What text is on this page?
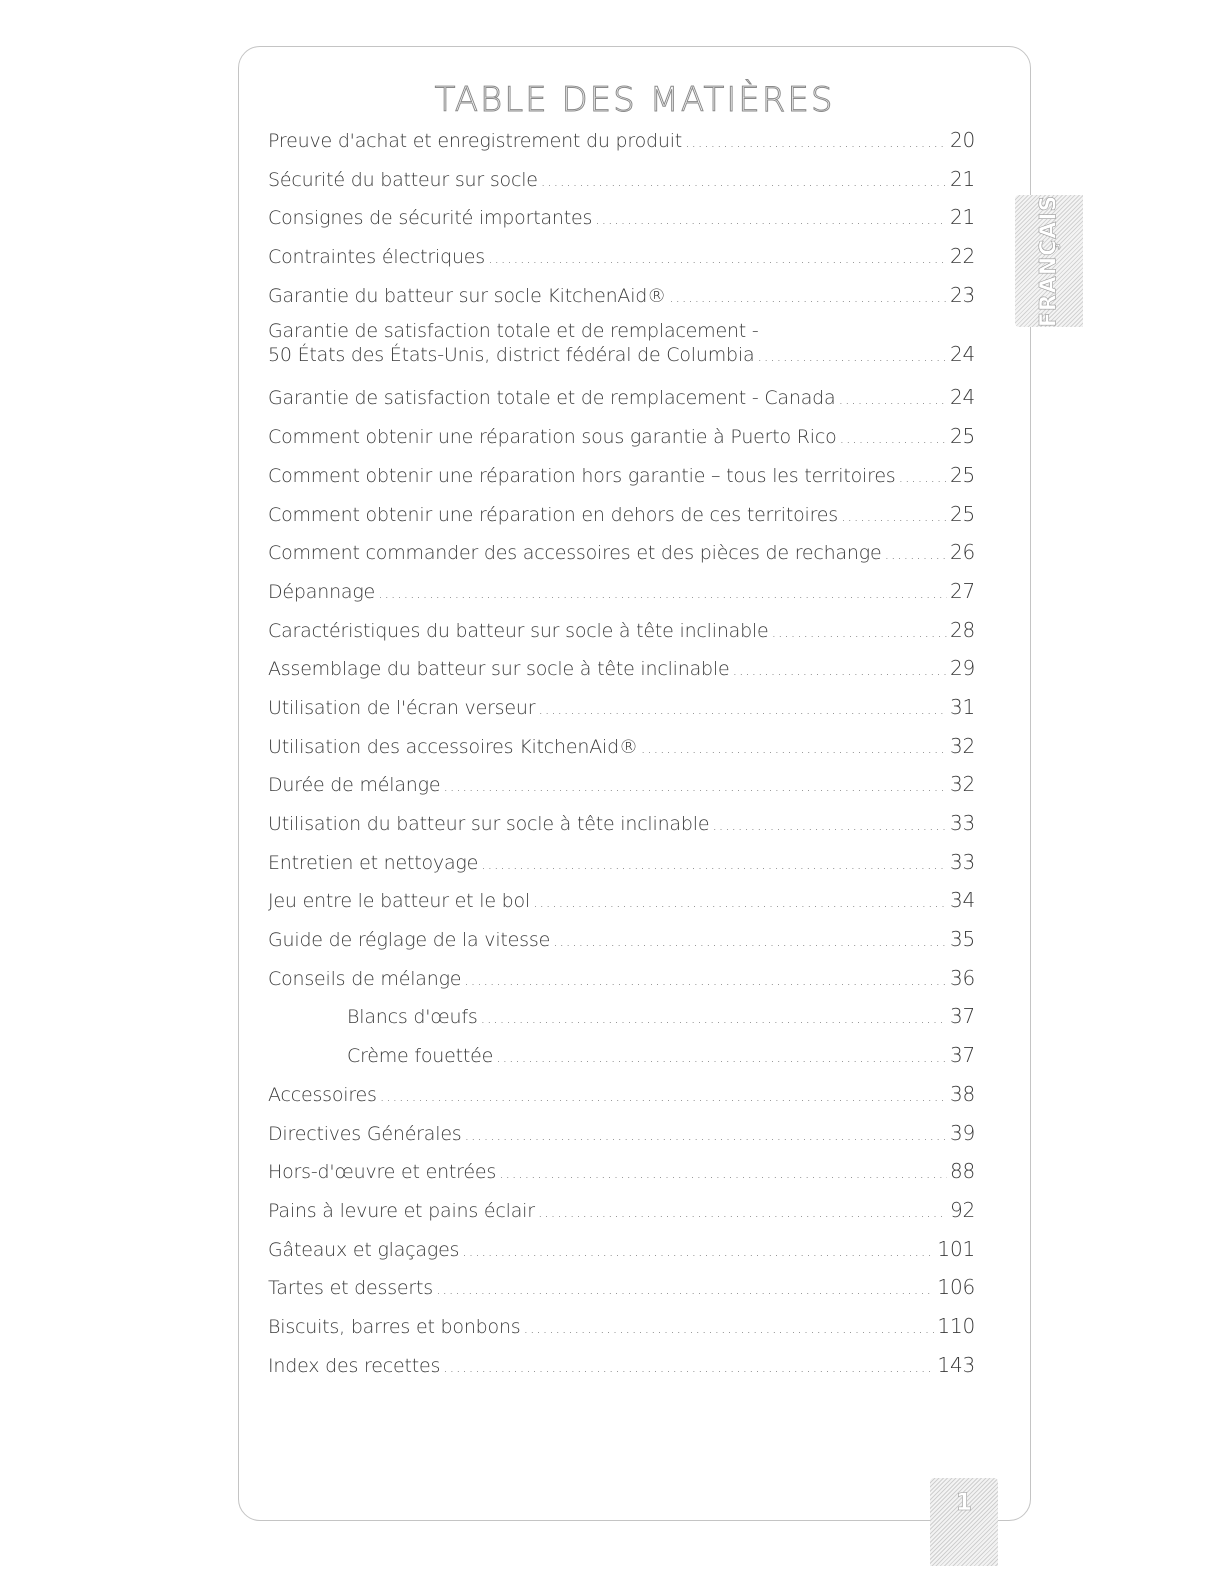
TABLE DES MATIÈRES
Preuve d'achat et enregistrement du produit .....	20
Sécurité du batteur sur socle .....	21
Consignes de sécurité importantes .....	21
Contraintes électriques .....	22
Garantie du batteur sur socle KitchenAid® .....	23
Garantie de satisfaction totale et de remplacement -
50 États des États-Unis, district fédéral de Columbia .....	24
Garantie de satisfaction totale et de remplacement - Canada .....	24
Comment obtenir une réparation sous garantie à Puerto Rico .....	25
Comment obtenir une réparation hors garantie – tous les territoires .....	25
Comment obtenir une réparation en dehors de ces territoires .....	25
Comment commander des accessoires et des pièces de rechange .....	26
Dépannage .....	27
Caractéristiques du batteur sur socle à tête inclinable .....	28
Assemblage du batteur sur socle à tête inclinable .....	29
Utilisation de l'écran verseur .....	31
Utilisation des accessoires KitchenAid® .....	32
Durée de mélange .....	32
Utilisation du batteur sur socle à tête inclinable .....	33
Entretien et nettoyage .....	33
Jeu entre le batteur et le bol .....	34
Guide de réglage de la vitesse .....	35
Conseils de mélange .....	36
Blancs d'œufs .....	37
Crème fouettée .....	37
Accessoires .....	38
Directives Générales .....	39
Hors-d'œuvre et entrées .....	88
Pains à levure et pains éclair .....	92
Gâteaux et glaçages .....	101
Tartes et desserts .....	106
Biscuits, barres et bonbons .....	110
Index des recettes .....	143
FRANÇAIS
1
